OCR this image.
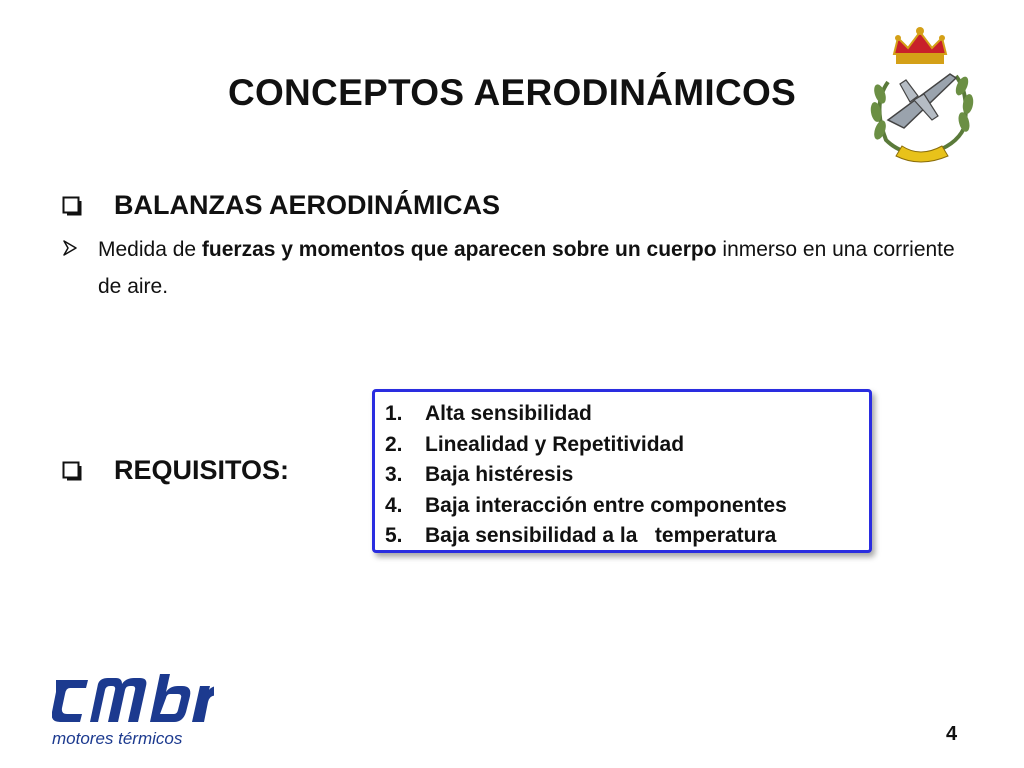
CONCEPTOS AERODINÁMICOS
BALANZAS AERODINÁMICAS
Medida de fuerzas y momentos que aparecen sobre un cuerpo inmerso en una corriente de aire.
REQUISITOS:
1.	Alta sensibilidad
2.	Linealidad y Repetitividad
3.	Baja histéresis
4.	Baja interacción entre componentes
5.	Baja sensibilidad a la   temperatura
motores térmicos	4
